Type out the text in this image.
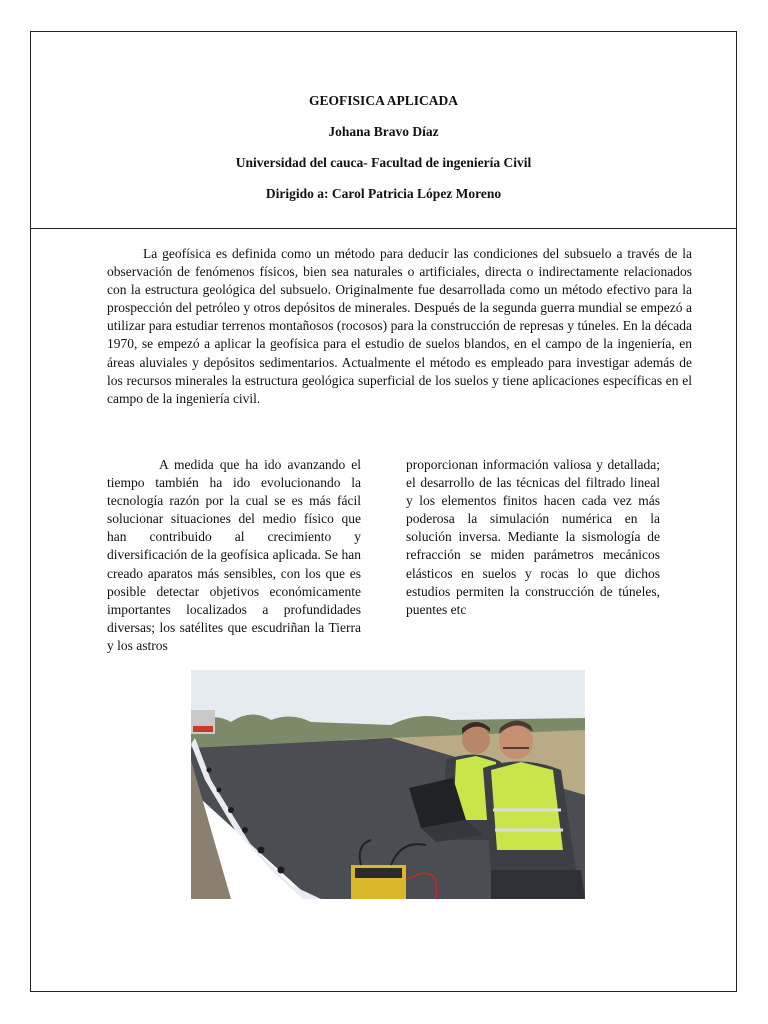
GEOFISICA APLICADA
Johana Bravo Díaz
Universidad del cauca- Facultad de ingeniería Civil
Dirigido a: Carol Patricia López Moreno

La geofísica es definida como un método para deducir las condiciones del subsuelo a través de la observación de fenómenos físicos, bien sea naturales o artificiales, directa o indirectamente relacionados con la estructura geológica del subsuelo. Originalmente fue desarrollada como un método efectivo para la prospección del petróleo y otros depósitos de minerales. Después de la segunda guerra mundial se empezó a utilizar para estudiar terrenos montañosos (rocosos) para la construcción de represas y túneles. En la década 1970, se empezó a aplicar la geofísica para el estudio de suelos blandos, en el campo de la ingeniería, en áreas aluviales y depósitos sedimentarios. Actualmente el método es empleado para investigar además de los recursos minerales la estructura geológica superficial de los suelos y tiene aplicaciones específicas en el campo de la ingeniería civil.

A medida que ha ido avanzando el tiempo también ha ido evolucionando la tecnología razón por la cual se es más fácil solucionar situaciones del medio físico que han contribuido al crecimiento y diversificación de la geofísica aplicada. Se han creado aparatos más sensibles, con los que es posible detectar objetivos económicamente importantes localizados a profundidades diversas; los satélites que escudriñan la Tierra y los astros

proporcionan información valiosa y detallada; el desarrollo de las técnicas del filtrado lineal y los elementos finitos hacen cada vez más poderosa la simulación numérica en la solución inversa. Mediante la sismología de refracción se miden parámetros mecánicos elásticos en suelos y rocas lo que dichos estudios permiten la construcción de túneles, puentes etc
